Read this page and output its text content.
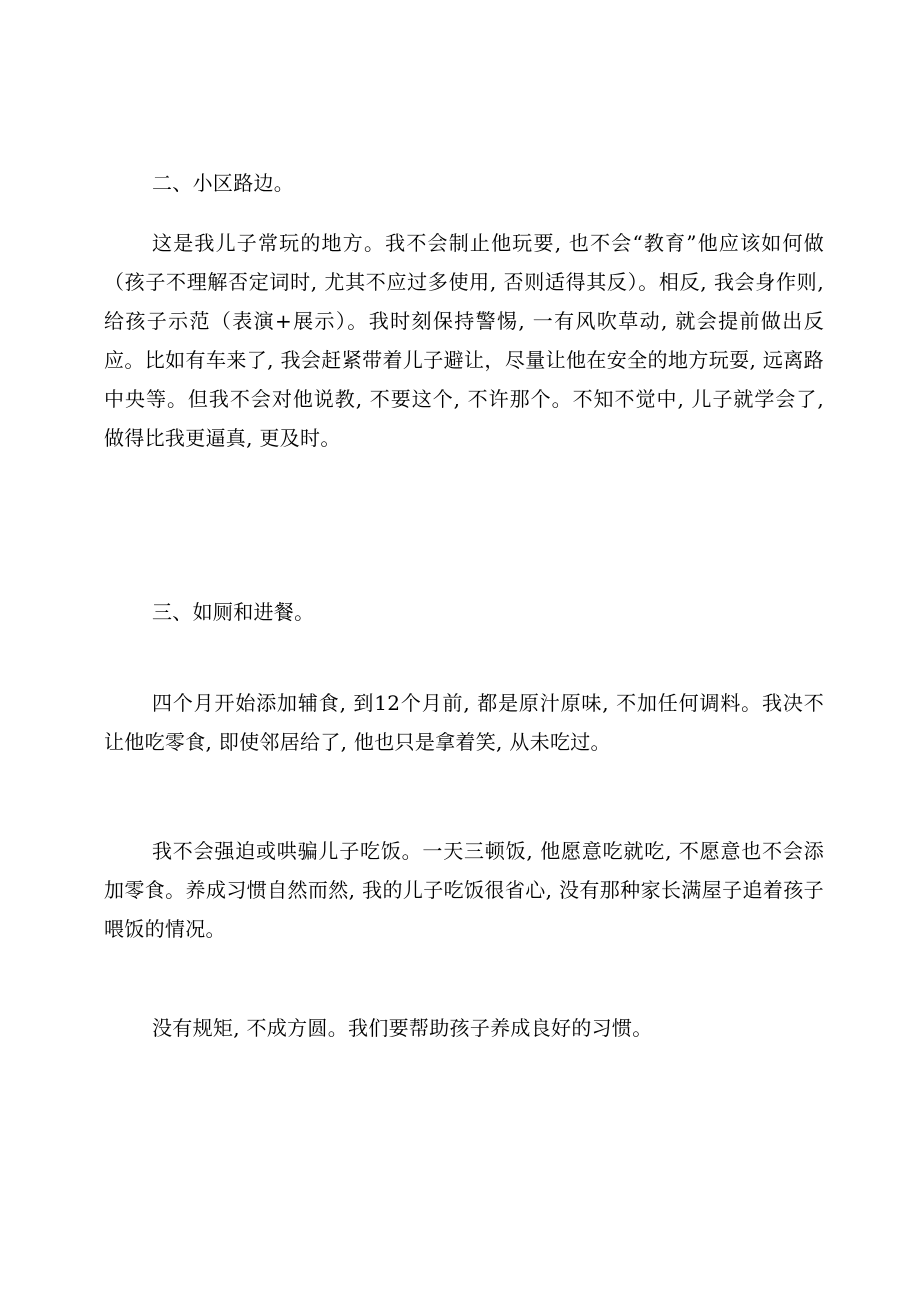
二、小区路边。

这是我儿子常玩的地方。我不会制止他玩要, 也不会“教育”他应该如何做（孩子不理解否定词时, 尤其不应过多使用, 否则适得其反）。相反, 我会身作则, 给孩子示范（表演+展示）。我时刻保持警惕, 一有风吹草动, 就会提前做出反应。比如有车来了, 我会赶紧带着儿子避让，尽量让他在安全的地方玩耍, 远离路中央等。但我不会对他说教, 不要这个, 不许那个。不知不觉中, 儿子就学会了, 做得比我更逼真, 更及时。

三、如厕和进餐。

四个月开始添加辅食, 到12个月前, 都是原汁原味, 不加任何调料。我决不让他吃零食, 即使邻居给了, 他也只是拿着笑, 从未吃过。

我不会强迫或哄骗儿子吃饭。一天三顿饭, 他愿意吃就吃, 不愿意也不会添加零食。养成习惯自然而然, 我的儿子吃饭很省心, 没有那种家长满屋子追着孩子喂饭的情况。

没有规矩, 不成方圆。我们要帮助孩子养成良好的习惯。
